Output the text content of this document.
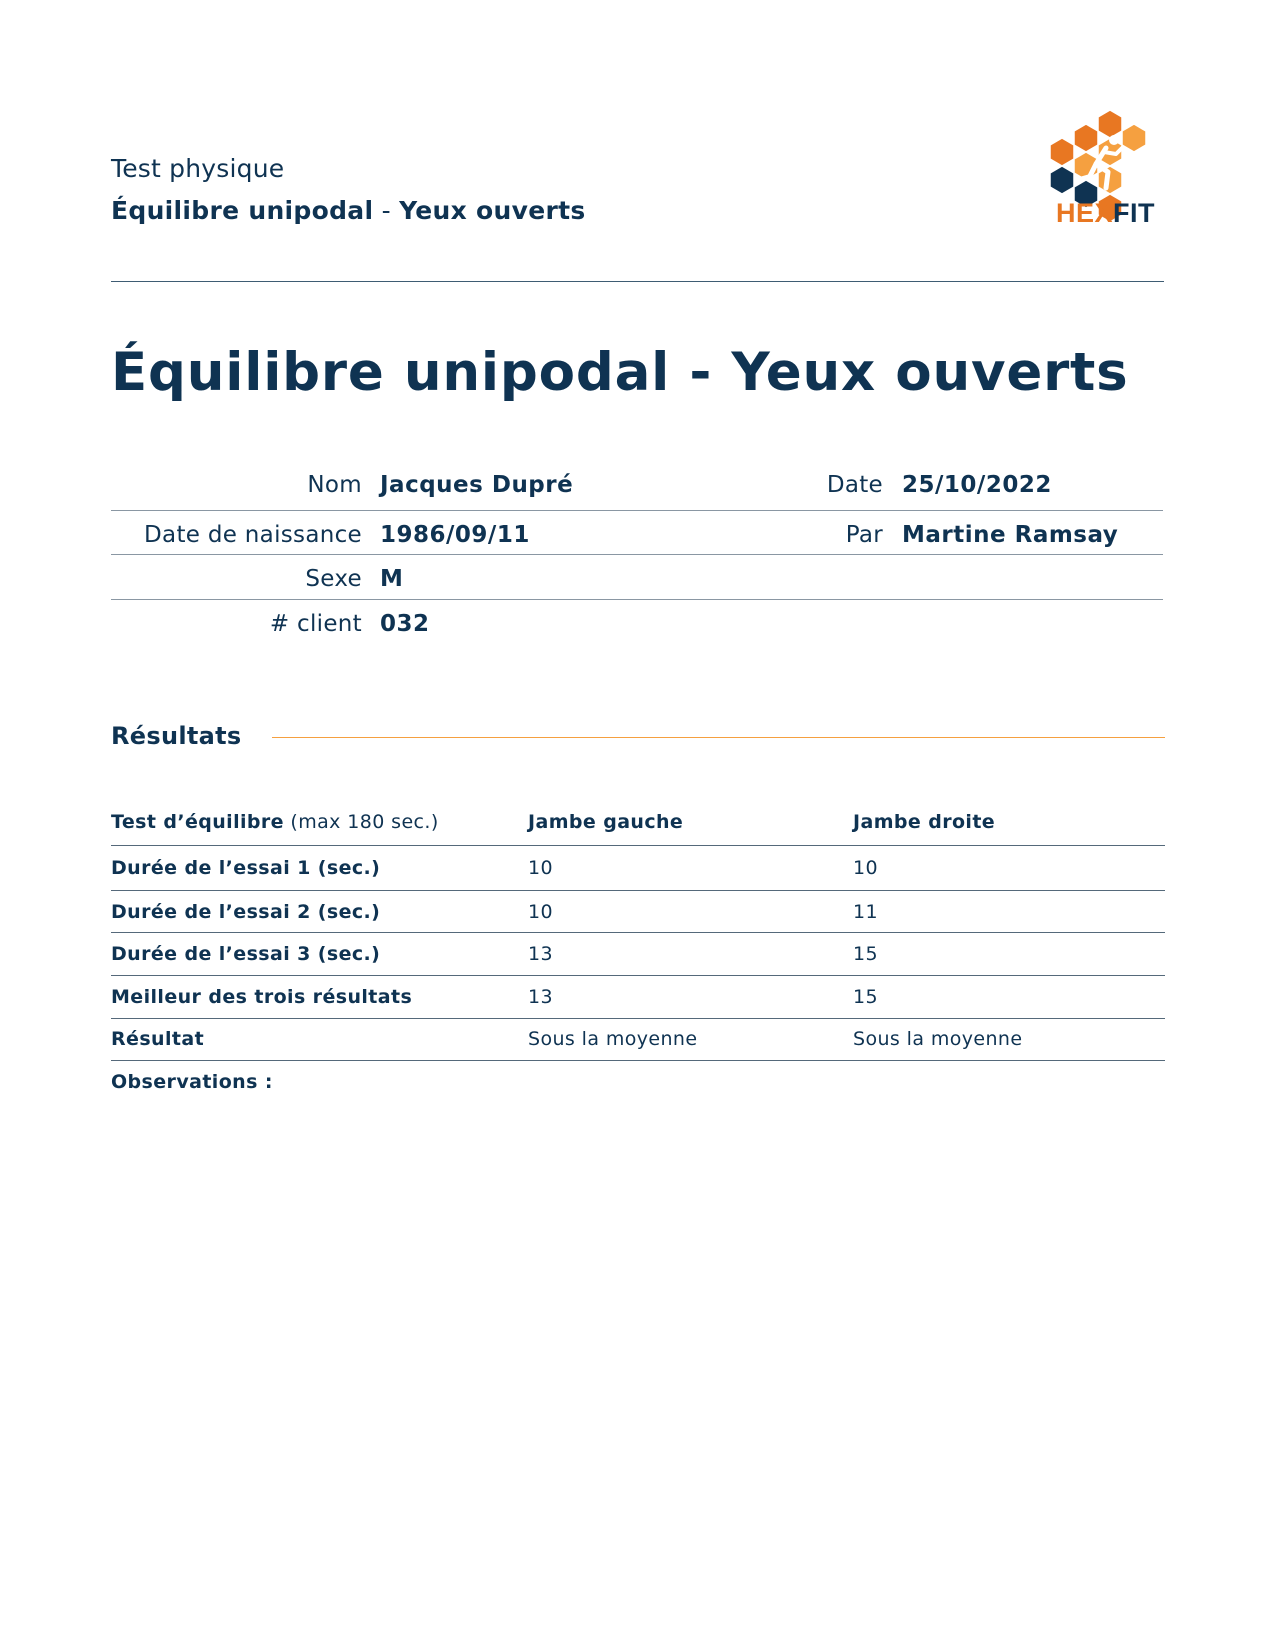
Test physique
Équilibre unipodal - Yeux ouverts	HEXFIT
Équilibre unipodal - Yeux ouverts
Nom Jacques Dupré	Date 25/10/2022
Date de naissance 1986/09/11	Par Martine Ramsay
Sexe M
# client 032
Résultats
Test d’équilibre (max 180 sec.)	Jambe gauche	Jambe droite
Durée de l’essai 1 (sec.)	10	10
Durée de l’essai 2 (sec.)	10	11
Durée de l’essai 3 (sec.)	13	15
Meilleur des trois résultats	13	15
Résultat	Sous la moyenne	Sous la moyenne
Observations :
